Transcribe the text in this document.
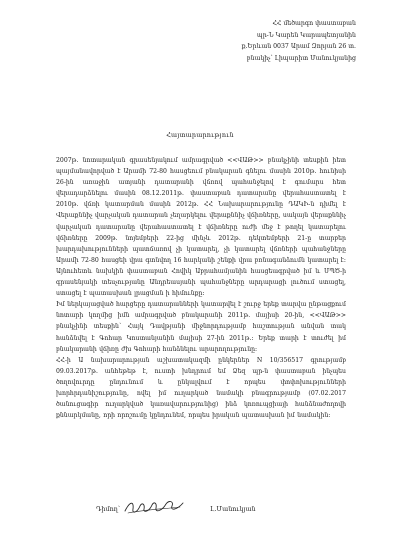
ՀՀ մեծարգո փաստաբան
պր-Ն Կարեն Կարապետյանին
ք.Երևան 0037 Արամ Զորյան 26 տ.
բնակիչ՝ Լիպարիտ Մանուկյանից
Հայտարարություն

2007թ. նոտարական գրասենյակում ամրագրված <<ՎԱԹ>> բնակչինի տեսքին իետ պայմանավորված է Արամի 72-80 հասցեում բնակարան գնելու մասին 2010թ. հունիսի 26-ին առաջին ատյանի դատարանի վճռով պահանջելով է գումարս հետ վերադարձնելու մասին 08.12.2011թ. փաստաբան դատարանը վերահաստատել է 2010թ. վճռի կատարման մասին 2012թ. ՀՀ Նախարարությունը ԴԱԿԻ-ն դիմել է Վերաքննիչ վարչական դատարան չեղարկելու վերաքննիչ վճիռները, սակայն վերաքննիչ վարչական դատարանը վերահաստատել է վճիռները ուժի մեջ է թողել կատարելու վճիռները 2009թ. նոյեմբերի 22-ից մինչև 2012թ. դեկտեմբերի 21-ը տարբեր խարդախությունների պատճառով չի կատարել, չի կատարել վճռների պահանջները Արամի 72-80 հասցեի վրա գտնվող 16 հարկանի շենքի վրա բռնագանձումն կատարել է: Այնուհետև նախկին փաստաբան Հովիկ Աբրահամյանին հասցեագրված իմ և ՄՊԾ-ի գրասենյակի տեսչությանը Անդրեասյանի պահանջները արդարացի լուծում ստացել, ստացել է պատասխան լրացման ի հիմունքը:

Իմ ներկայացված հարցերը դատարանների կատարվել է շուրջ երեք տարվա ընթացքում նոտարի կողմից իմն ամրագրված բնակարանի 2011թ. մայիսի 20-ին, <<ՎԱԹ>> բնակչինի տեսքին՝ Հայկ Դավթյանի միջնորդությամբ հաշտության անվան տակ հանձնվել է Գոհար Կոստանյանին մայիսի 27-ին 2011թ.: Երեք տարի է տուժել իմ բնակարանի վճիռը ժխ Գոհարի հանձնելու արարողությունը:

ՀՀ-ի Ա նախարարության աշխատակազմի ընկերներ N 10/356517 գրությամբ 09.03.2017թ. անհեթեթ է, ուստի խնդրում եմ Ձեզ պր-ն փաստաբան ինչպես ծողովուրդը ընդունում և ընկալվում է որպես փոփոխությունների խորհրդանիշությունը, ովել իմ ուղարկած նամակի բնագրությամբ (07.02.2017 ծանուցագիր ուղարկված կառավարությունից) ինձ կոռուպցիայի հանձնաժողովի քննարկմանը, որի որոշումը կընդունեմ, որպես իրական պատասխան իմ նամակին:

Դիմող՝	Լ.Մանուկյան
